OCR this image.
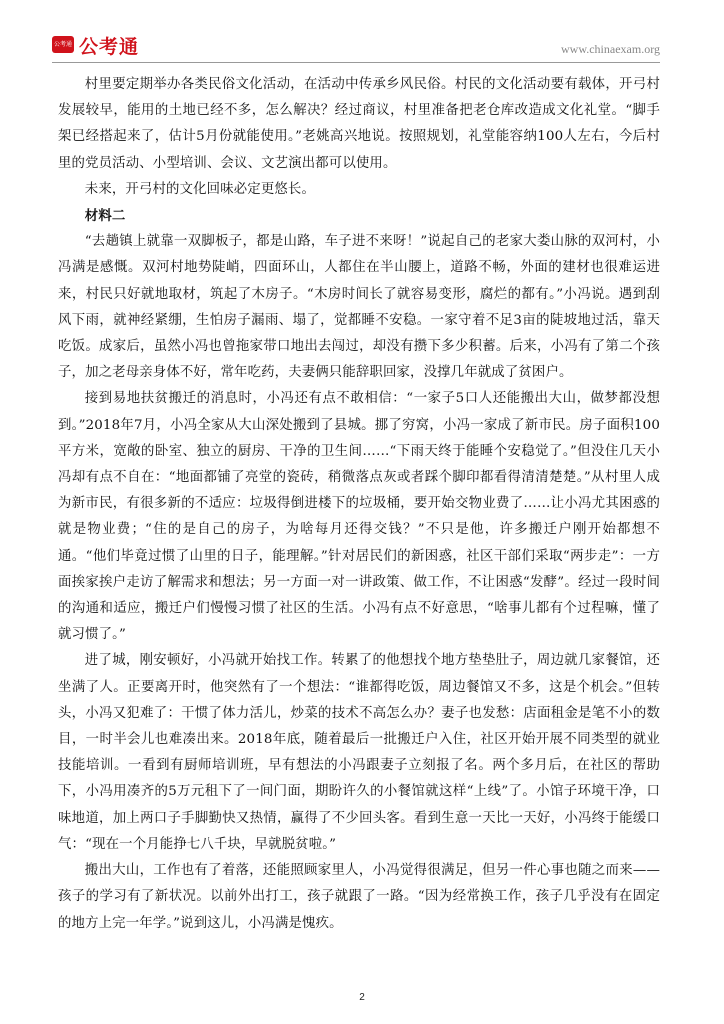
公考通 公考通	www.chinaexam.org

村里要定期举办各类民俗文化活动，在活动中传承乡风民俗。村民的文化活动要有载体，开弓村发展较早，能用的土地已经不多，怎么解决？经过商议，村里准备把老仓库改造成文化礼堂。“脚手架已经搭起来了，估计5月份就能使用。”老姚高兴地说。按照规划，礼堂能容纳100人左右，今后村里的党员活动、小型培训、会议、文艺演出都可以使用。

未来，开弓村的文化回味必定更悠长。

材料二

“去趟镇上就靠一双脚板子，都是山路，车子进不来呀！”说起自己的老家大娄山脉的双河村，小冯满是感慨。双河村地势陡峭，四面环山，人都住在半山腰上，道路不畅，外面的建材也很难运进来，村民只好就地取材，筑起了木房子。“木房时间长了就容易变形，腐烂的都有。”小冯说。遇到刮风下雨，就神经紧绷，生怕房子漏雨、塌了，觉都睡不安稳。一家守着不足3亩的陡坡地过活，靠天吃饭。成家后，虽然小冯也曾拖家带口地出去闯过，却没有攒下多少积蓄。后来，小冯有了第二个孩子，加之老母亲身体不好，常年吃药，夫妻俩只能辞职回家，没撑几年就成了贫困户。

接到易地扶贫搬迁的消息时，小冯还有点不敢相信：“一家子5口人还能搬出大山，做梦都没想到。”2018年7月，小冯全家从大山深处搬到了县城。挪了穷窝，小冯一家成了新市民。房子面积100平方米，宽敞的卧室、独立的厨房、干净的卫生间……“下雨天终于能睡个安稳觉了。”但没住几天小冯却有点不自在：“地面都铺了亮堂的瓷砖，稍微落点灰或者踩个脚印都看得清清楚楚。”从村里人成为新市民，有很多新的不适应：垃圾得倒进楼下的垃圾桶，要开始交物业费了……让小冯尤其困惑的就是物业费；“住的是自己的房子，为啥每月还得交钱？”不只是他，许多搬迁户刚开始都想不通。“他们毕竟过惯了山里的日子，能理解。”针对居民们的新困惑，社区干部们采取“两步走”：一方面挨家挨户走访了解需求和想法；另一方面一对一讲政策、做工作，不让困惑“发酵”。经过一段时间的沟通和适应，搬迁户们慢慢习惯了社区的生活。小冯有点不好意思，“啥事儿都有个过程嘛，懂了就习惯了。”

进了城，刚安顿好，小冯就开始找工作。转累了的他想找个地方垫垫肚子，周边就几家餐馆，还坐满了人。正要离开时，他突然有了一个想法：“谁都得吃饭，周边餐馆又不多，这是个机会。”但转头，小冯又犯难了：干惯了体力活儿，炒菜的技术不高怎么办？妻子也发愁：店面租金是笔不小的数目，一时半会儿也难凑出来。2018年底，随着最后一批搬迁户入住，社区开始开展不同类型的就业技能培训。一看到有厨师培训班，早有想法的小冯跟妻子立刻报了名。两个多月后，在社区的帮助下，小冯用凑齐的5万元租下了一间门面，期盼许久的小餐馆就这样“上线”了。小馆子环境干净，口味地道，加上两口子手脚勤快又热情，赢得了不少回头客。看到生意一天比一天好，小冯终于能缓口气：“现在一个月能挣七八千块，早就脱贫啦。”

搬出大山，工作也有了着落，还能照顾家里人，小冯觉得很满足，但另一件心事也随之而来——孩子的学习有了新状况。以前外出打工，孩子就跟了一路。“因为经常换工作，孩子几乎没有在固定的地方上完一年学。”说到这儿，小冯满是愧疚。

2
